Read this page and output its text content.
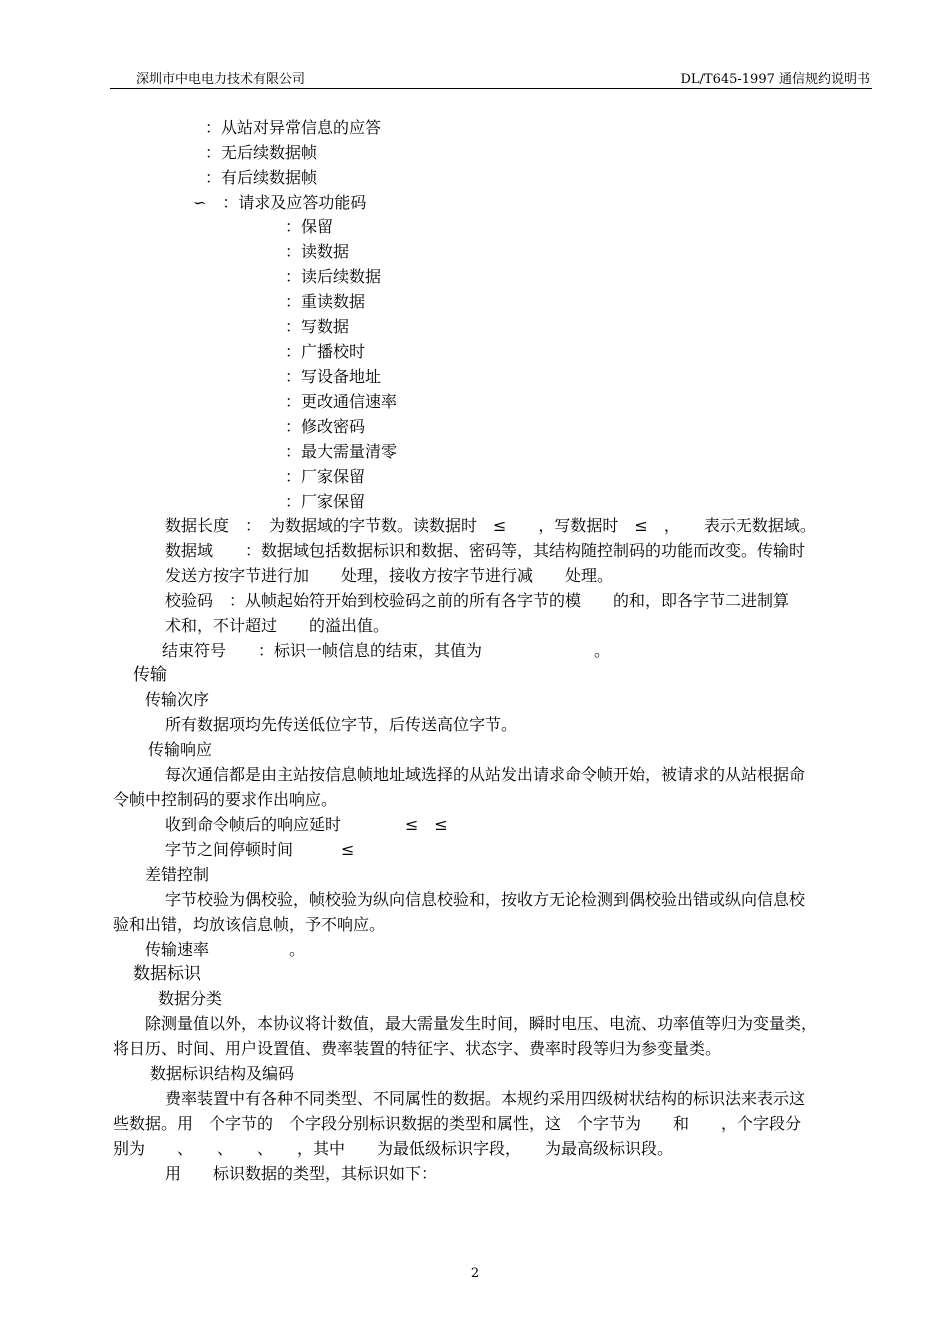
深圳市中电电力技术有限公司	DL/T645-1997 通信规约说明书
：从站对异常信息的应答
：无后续数据帧
：有后续数据帧
∽　：请求及应答功能码
：保留
：读数据
：读后续数据
：重读数据
：写数据
：广播校时
：写设备地址
：更改通信速率
：修改密码
：最大需量清零
：厂家保留
：厂家保留
数据长度　：　为数据域的字节数。读数据时　≤　　，写数据时　≤　，　　表示无数据域。
数据域　　：数据域包括数据标识和数据、密码等，其结构随控制码的功能而改变。传输时
发送方按字节进行加　　处理，接收方按字节进行减　　处理。
校验码　：从帧起始符开始到校验码之前的所有各字节的模　　的和，即各字节二进制算
术和，不计超过　　的溢出值。
结束符号　　：标识一帧信息的结束，其值为　　　　　　　。
传输
传输次序
所有数据项均先传送低位字节，后传送高位字节。
传输响应
每次通信都是由主站按信息帧地址域选择的从站发出请求命令帧开始，被请求的从站根据命
令帧中控制码的要求作出响应。
收到命令帧后的响应延时　　　　≤　≤
字节之间停顿时间　　　≤
差错控制
字节校验为偶校验，帧校验为纵向信息校验和，按收方无论检测到偶校验出错或纵向信息校
验和出错，均放该信息帧，予不响应。
传输速率　　　　　。
数据标识
数据分类
除测量值以外，本协议将计数值，最大需量发生时间，瞬时电压、电流、功率值等归为变量类，
将日历、时间、用户设置值、费率装置的特征字、状态字、费率时段等归为参变量类。
数据标识结构及编码
费率装置中有各种不同类型、不同属性的数据。本规约采用四级树状结构的标识法来表示这
些数据。用　个字节的　个字段分别标识数据的类型和属性，这　个字节为　　和　　，个字段分
别为　　、　　、　　、　　，其中　　为最低级标识字段，　　为最高级标识段。
用　　标识数据的类型，其标识如下：
2
